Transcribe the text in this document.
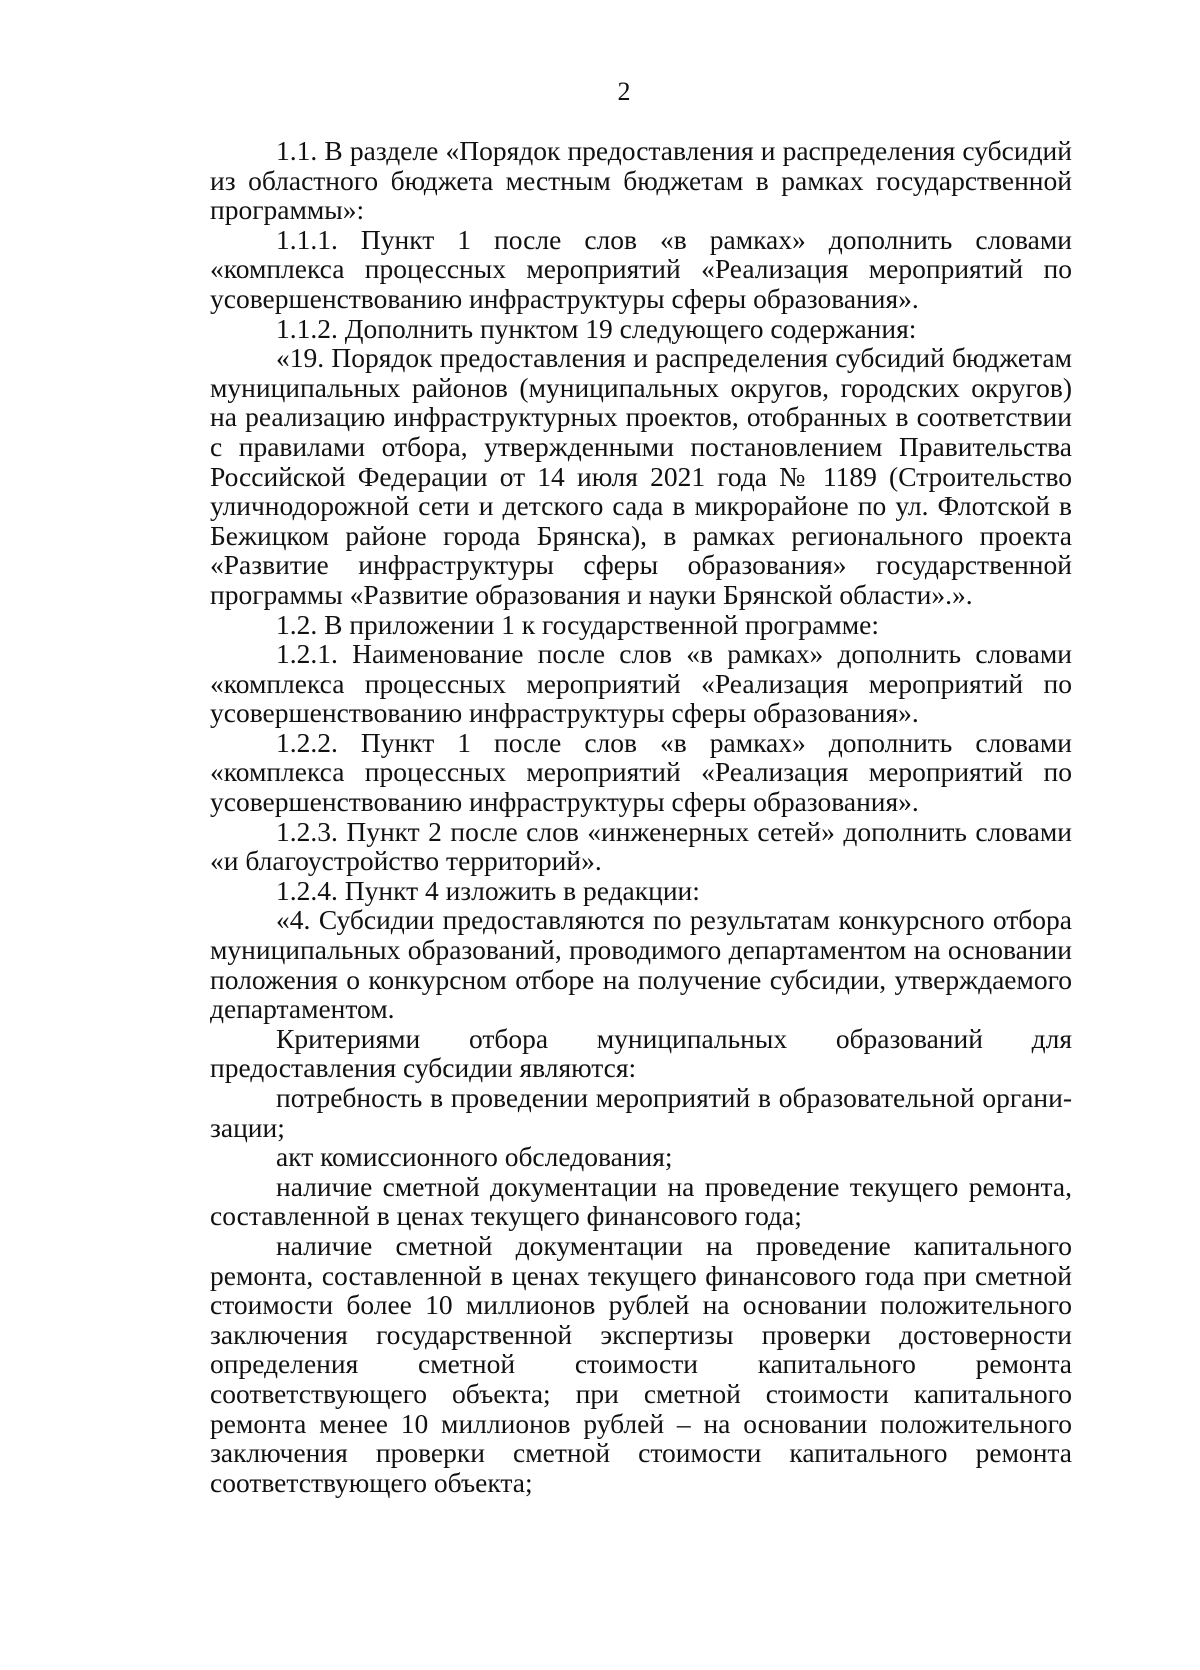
2

1.1. В разделе «Порядок предоставления и распределения субсидий из областного бюджета местным бюджетам в рамках государственной программы»:

1.1.1. Пункт 1 после слов «в рамках» дополнить словами «комплекса процессных мероприятий «Реализация мероприятий по усовершенствованию инфраструктуры сферы образования».

1.1.2. Дополнить пунктом 19 следующего содержания:

«19. Порядок предоставления и распределения субсидий бюджетам муниципальных районов (муниципальных округов, городских округов) на реализацию инфраструктурных проектов, отобранных в соответствии с правилами отбора, утвержденными постановлением Правительства Российской Федерации от 14 июля 2021 года № 1189 (Строительство уличнодорожной сети и детского сада в микрорайоне по ул. Флотской в Бежицком районе города Брянска), в рамках регионального проекта «Развитие инфраструктуры сферы образования» государственной программы «Развитие образования и науки Брянской области».».

1.2. В приложении 1 к государственной программе:

1.2.1. Наименование после слов «в рамках» дополнить словами «комплекса процессных мероприятий «Реализация мероприятий по усовершенствованию инфраструктуры сферы образования».

1.2.2. Пункт 1 после слов «в рамках» дополнить словами «комплекса процессных мероприятий «Реализация мероприятий по усовершенствованию инфраструктуры сферы образования».

1.2.3. Пункт 2 после слов «инженерных сетей» дополнить словами «и благоустройство территорий».

1.2.4. Пункт 4 изложить в редакции:

«4. Субсидии предоставляются по результатам конкурсного отбора муниципальных образований, проводимого департаментом на основании положения о конкурсном отборе на получение субсидии, утверждаемого департаментом.

Критериями отбора муниципальных образований для предоставления субсидии являются:

потребность в проведении мероприятий в образовательной организации;

акт комиссионного обследования;

наличие сметной документации на проведение текущего ремонта, составленной в ценах текущего финансового года;

наличие сметной документации на проведение капитального ремонта, составленной в ценах текущего финансового года при сметной стоимости более 10 миллионов рублей на основании положительного заключения государственной экспертизы проверки достоверности определения сметной стоимости капитального ремонта соответствующего объекта; при сметной стоимости капитального ремонта менее 10 миллионов рублей – на основании положительного заключения проверки сметной стоимости капитального ремонта соответствующего объекта;
